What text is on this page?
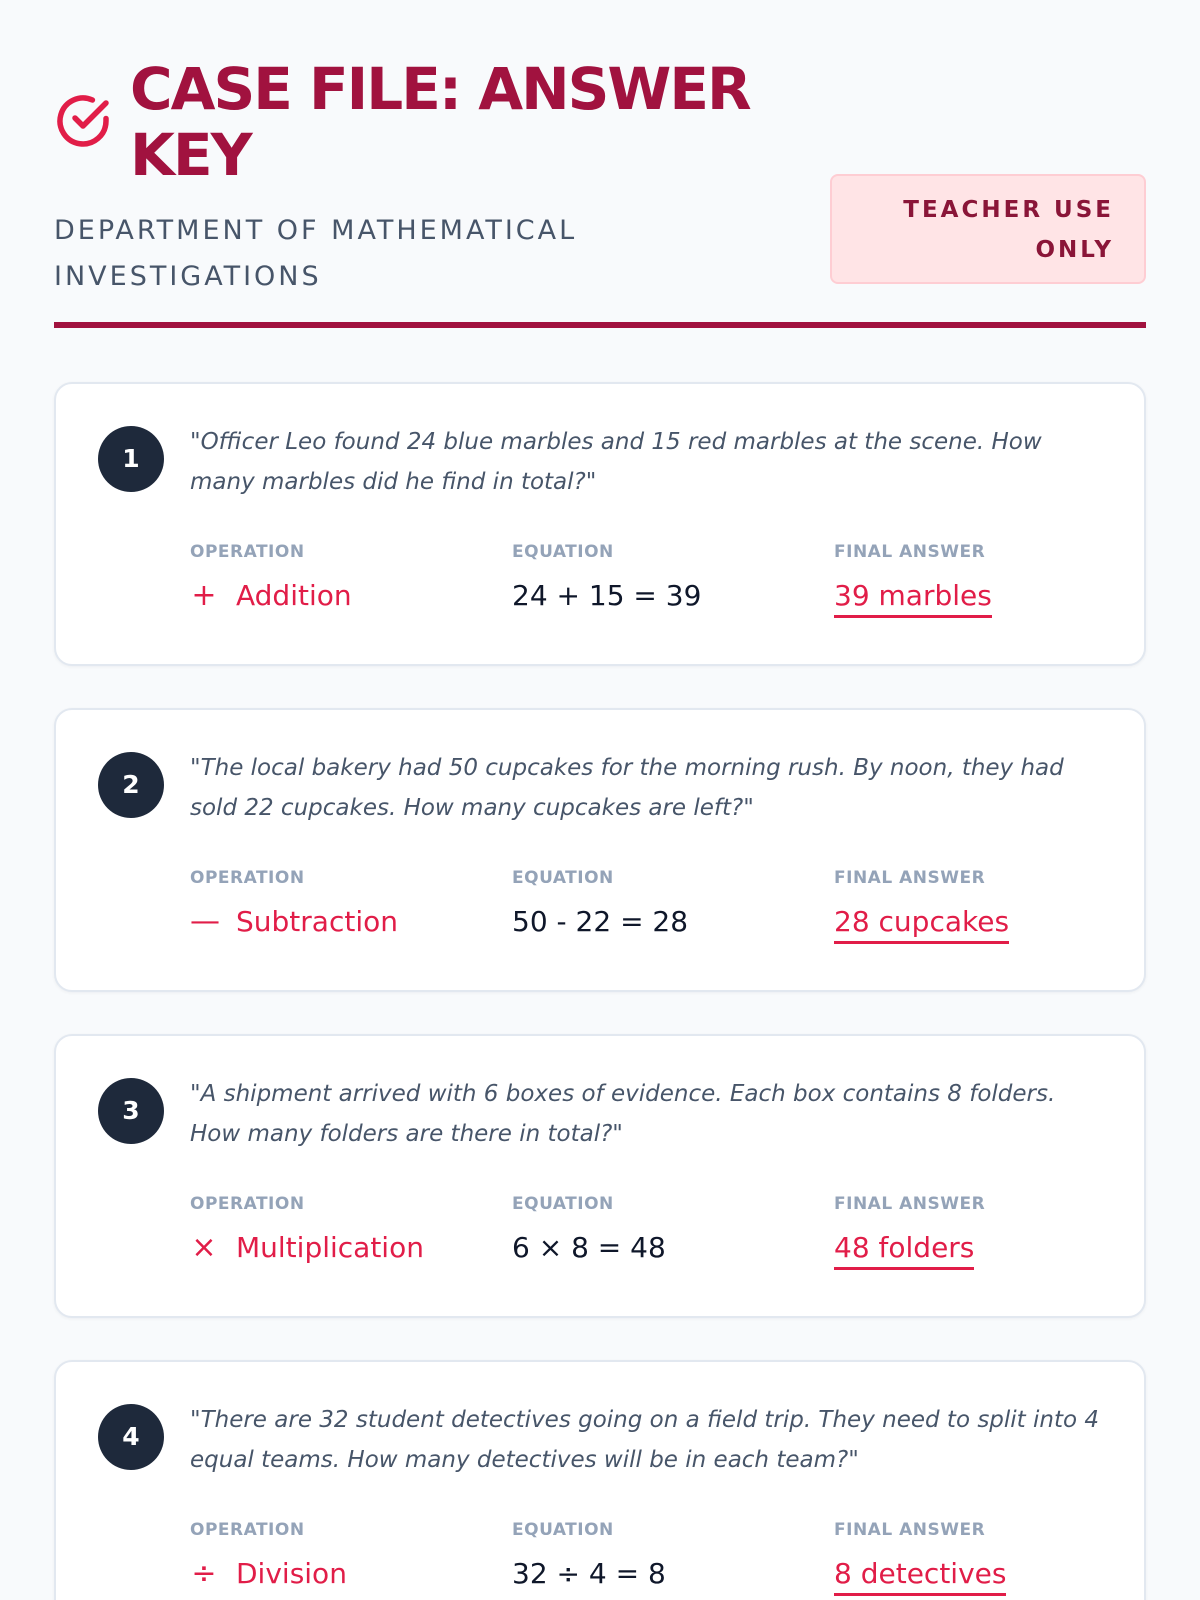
CASE FILE: ANSWER KEY
DEPARTMENT OF MATHEMATICAL INVESTIGATIONS
TEACHER USE ONLY
1

"Officer Leo found 24 blue marbles and 15 red marbles at the scene. How many marbles did he find in total?"

OPERATION
+ Addition
EQUATION
24 + 15 = 39
FINAL ANSWER
39 marbles
2

"The local bakery had 50 cupcakes for the morning rush. By noon, they had sold 22 cupcakes. How many cupcakes are left?"

OPERATION
— Subtraction
EQUATION
50 - 22 = 28
FINAL ANSWER
28 cupcakes
3

"A shipment arrived with 6 boxes of evidence. Each box contains 8 folders. How many folders are there in total?"

OPERATION
× Multiplication
EQUATION
6 × 8 = 48
FINAL ANSWER
48 folders
4

"There are 32 student detectives going on a field trip. They need to split into 4 equal teams. How many detectives will be in each team?"

OPERATION
÷ Division
EQUATION
32 ÷ 4 = 8
FINAL ANSWER
8 detectives
